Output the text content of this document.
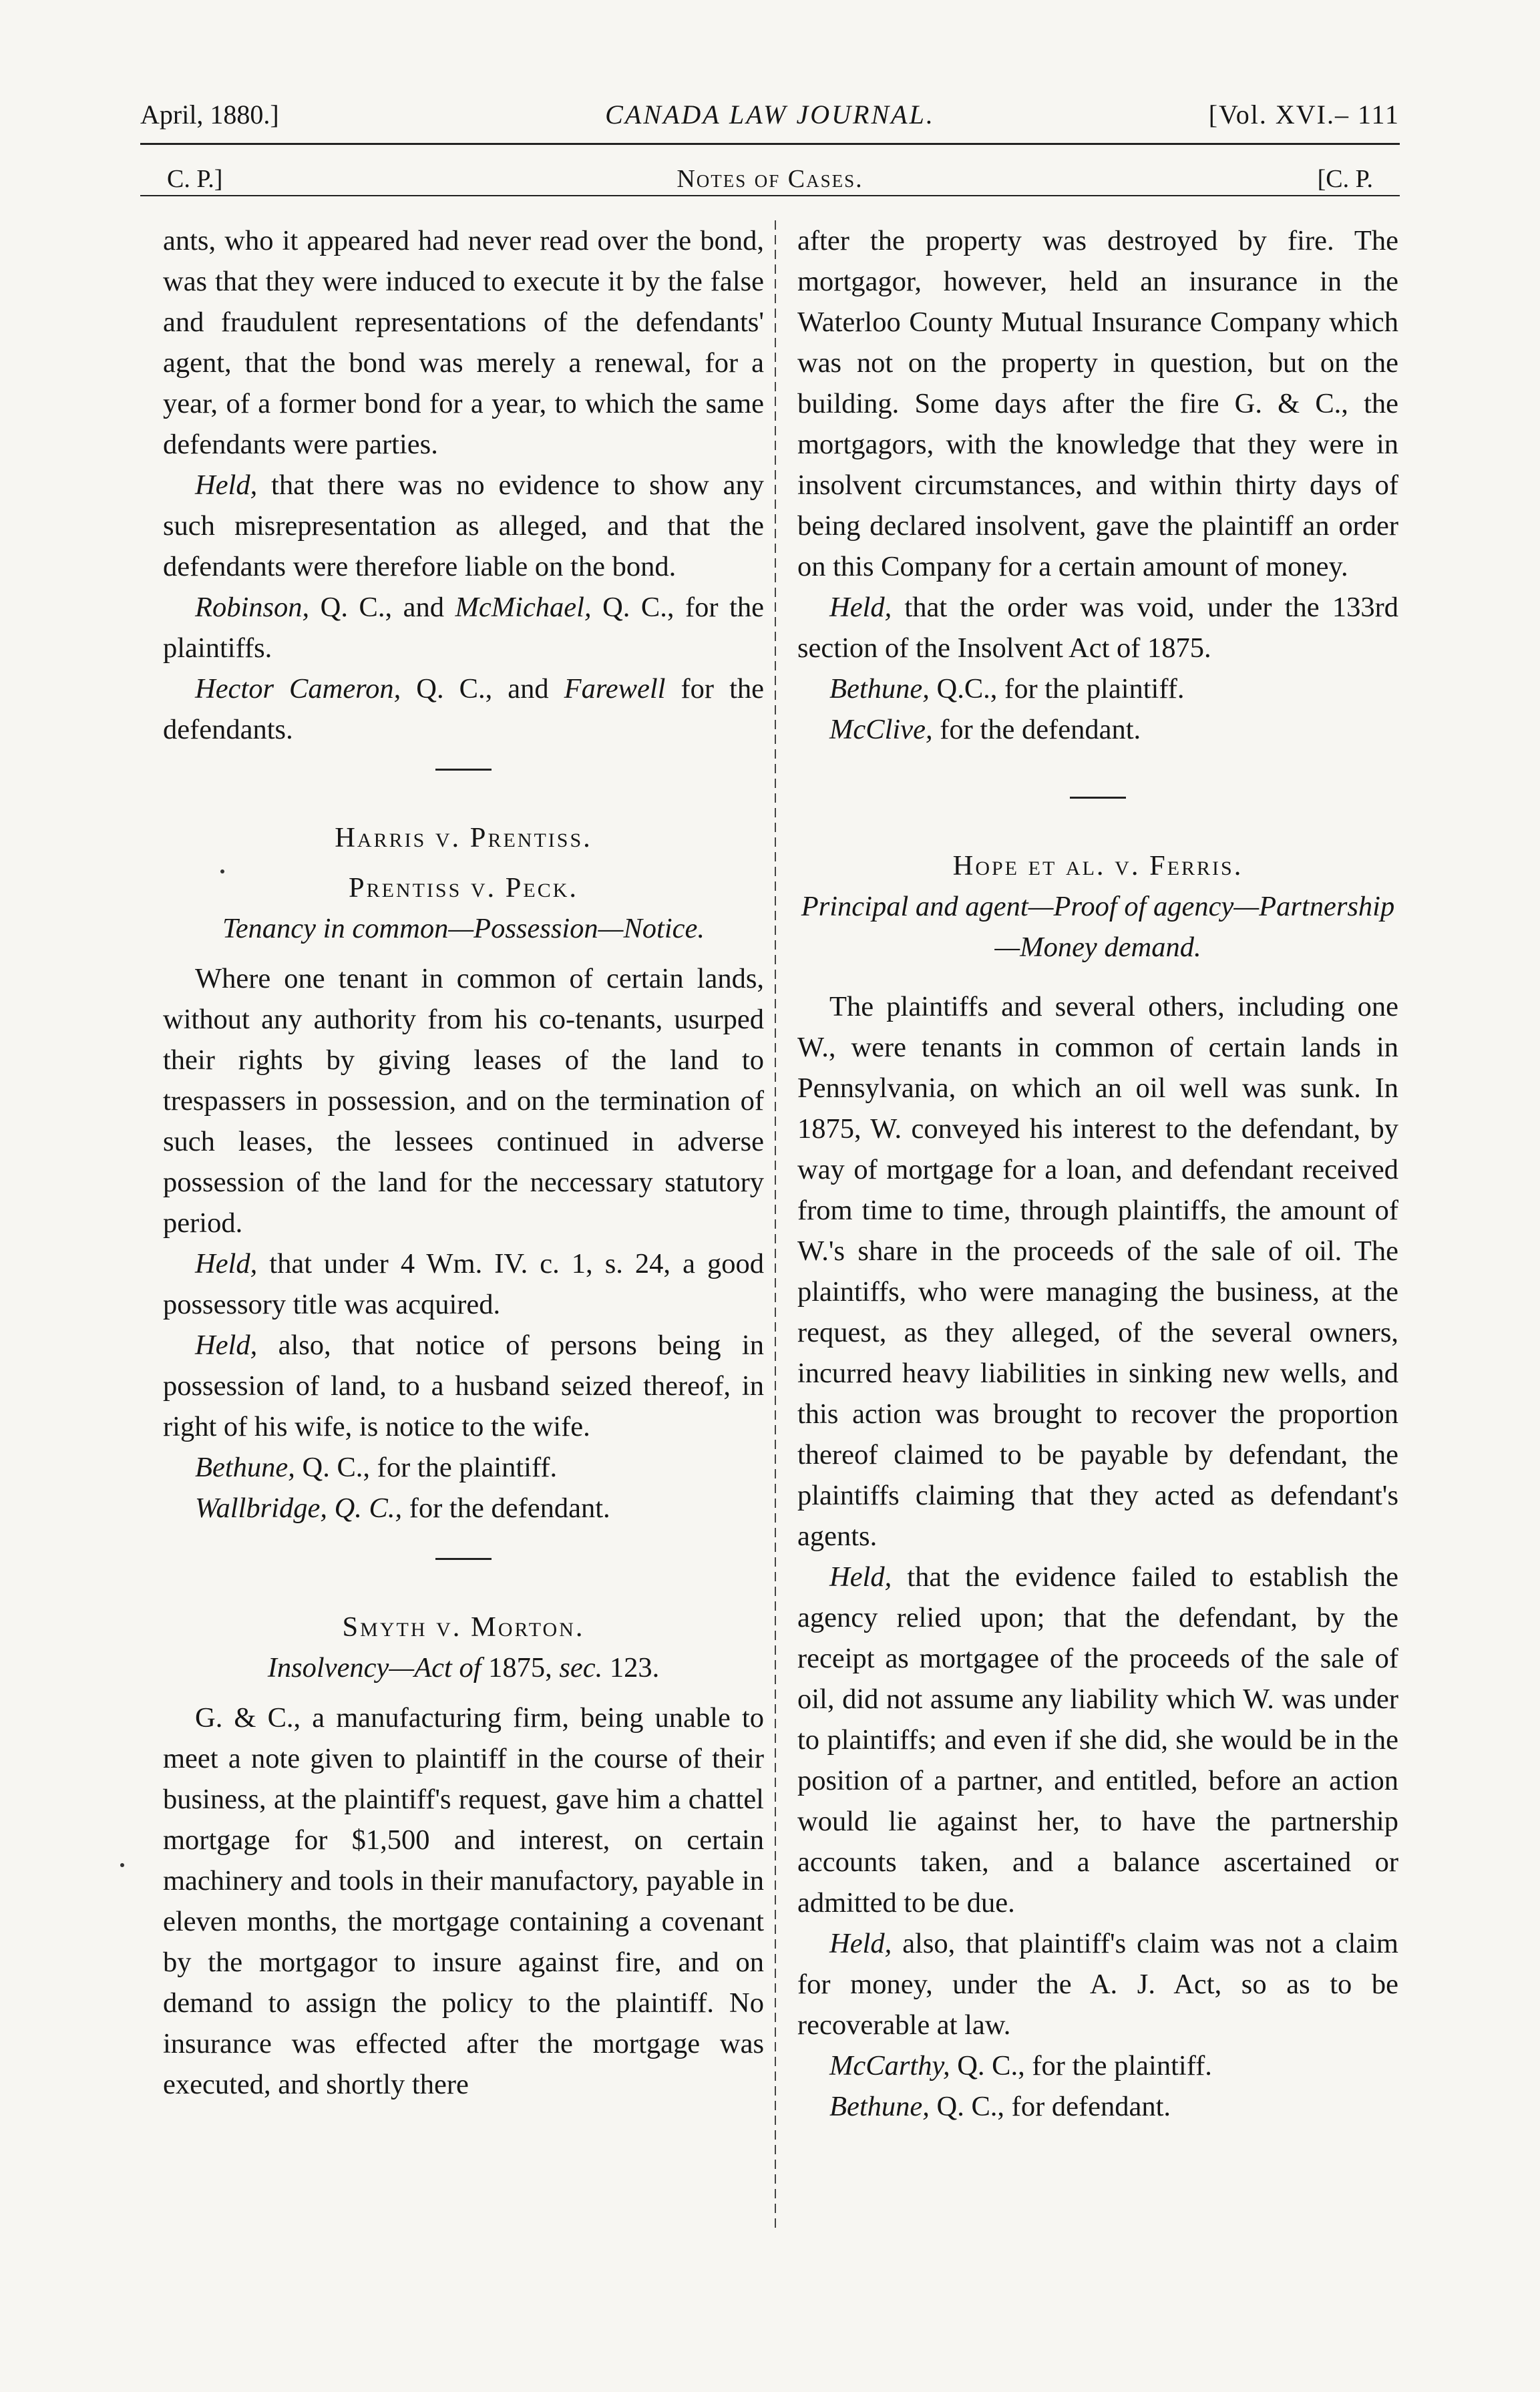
April, 1880.]	CANADA LAW JOURNAL.	[Vol. XVI.– 111
C. P.]	Notes of Cases.	[C. P.

ants, who it appeared had never read over the bond, was that they were induced to execute it by the false and fraudulent representations of the defendants' agent, that the bond was merely a renewal, for a year, of a former bond for a year, to which the same defendants were parties.

Held, that there was no evidence to show any such misrepresentation as alleged, and that the defendants were therefore liable on the bond.

Robinson, Q. C., and McMichael, Q. C., for the plaintiffs.

Hector Cameron, Q. C., and Farewell for the defendants.

Harris v. Prentiss.

Prentiss v. Peck.

Tenancy in common—Possession—Notice.

Where one tenant in common of certain lands, without any authority from his co-tenants, usurped their rights by giving leases of the land to trespassers in possession, and on the termination of such leases, the lessees continued in adverse possession of the land for the neccessary statutory period.

Held, that under 4 Wm. IV. c. 1, s. 24, a good possessory title was acquired.

Held, also, that notice of persons being in possession of land, to a husband seized thereof, in right of his wife, is notice to the wife.

Bethune, Q. C., for the plaintiff.

Wallbridge, Q. C., for the defendant.

Smyth v. Morton.

Insolvency—Act of 1875, sec. 123.

G. & C., a manufacturing firm, being unable to meet a note given to plaintiff in the course of their business, at the plaintiff's request, gave him a chattel mortgage for $1,500 and interest, on certain machinery and tools in their manufactory, payable in eleven months, the mortgage containing a covenant by the mortgagor to insure against fire, and on demand to assign the policy to the plaintiff. No insurance was effected after the mortgage was executed, and shortly there

after the property was destroyed by fire. The mortgagor, however, held an insurance in the Waterloo County Mutual Insurance Company which was not on the property in question, but on the building. Some days after the fire G. & C., the mortgagors, with the knowledge that they were in insolvent circumstances, and within thirty days of being declared insolvent, gave the plaintiff an order on this Company for a certain amount of money.

Held, that the order was void, under the 133rd section of the Insolvent Act of 1875.

Bethune, Q.C., for the plaintiff.

McClive, for the defendant.

Hope et al. v. Ferris.

Principal and agent—Proof of agency—Partnership—Money demand.

The plaintiffs and several others, including one W., were tenants in common of certain lands in Pennsylvania, on which an oil well was sunk. In 1875, W. conveyed his interest to the defendant, by way of mortgage for a loan, and defendant received from time to time, through plaintiffs, the amount of W.'s share in the proceeds of the sale of oil. The plaintiffs, who were managing the business, at the request, as they alleged, of the several owners, incurred heavy liabilities in sinking new wells, and this action was brought to recover the proportion thereof claimed to be payable by defendant, the plaintiffs claiming that they acted as defendant's agents.

Held, that the evidence failed to establish the agency relied upon; that the defendant, by the receipt as mortgagee of the proceeds of the sale of oil, did not assume any liability which W. was under to plaintiffs; and even if she did, she would be in the position of a partner, and entitled, before an action would lie against her, to have the partnership accounts taken, and a balance ascertained or admitted to be due.

Held, also, that plaintiff's claim was not a claim for money, under the A. J. Act, so as to be recoverable at law.

McCarthy, Q. C., for the plaintiff.

Bethune, Q. C., for defendant.
